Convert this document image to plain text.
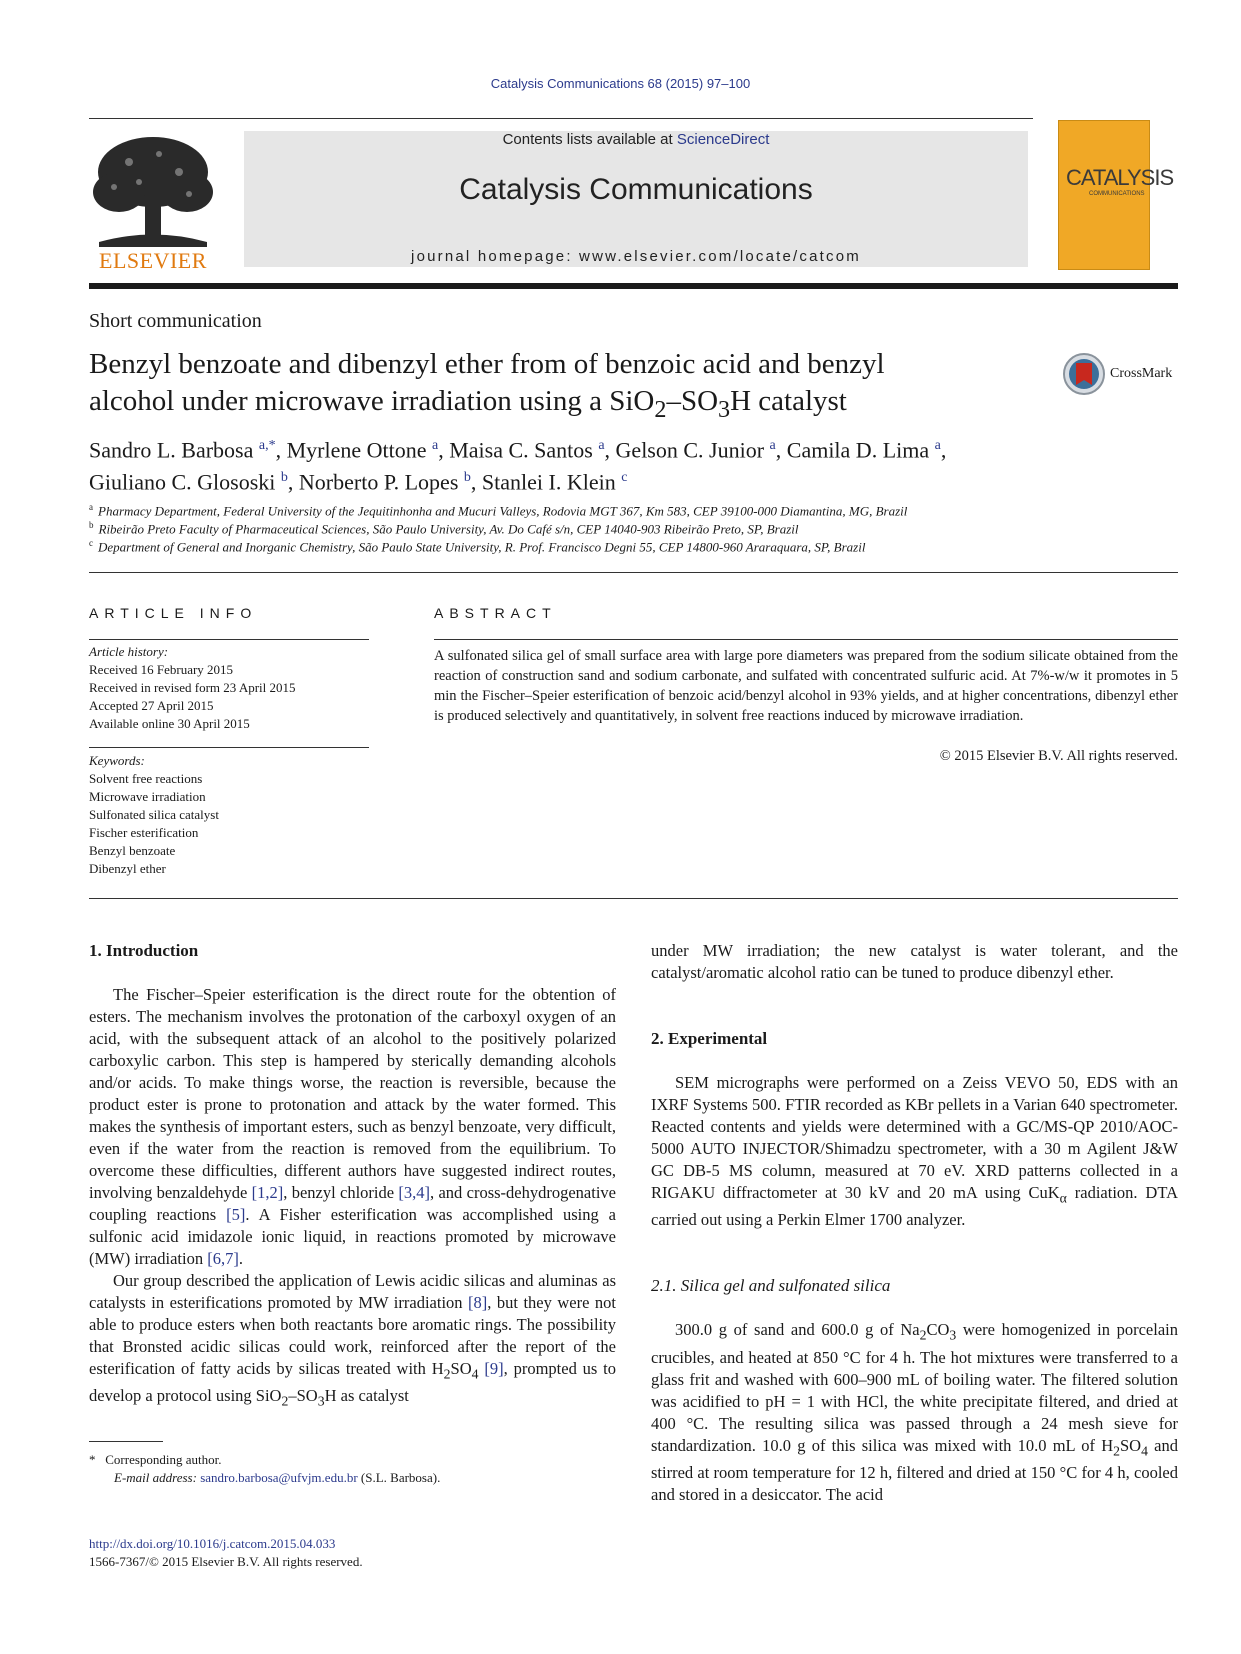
Catalysis Communications 68 (2015) 97–100
ELSEVIER
Contents lists available at ScienceDirect
Catalysis Communications
journal homepage: www.elsevier.com/locate/catcom
CATALYSIS
COMMUNICATIONS
Short communication
Benzyl benzoate and dibenzyl ether from of benzoic acid and benzyl
alcohol under microwave irradiation using a $SiO_2-SO_3H$ catalyst
CrossMark
Sandro L. Barbosa $^{a,*}$, Myrlene Ottone $^a$, Maisa C. Santos $^a$, Gelson C. Junior $^a$, Camila D. Lima $^a$,
Giuliano C. Glososki $^b$, Norberto P. Lopes $^b$, Stanlei I. Klein $^c$
$^a$ Pharmacy Department, Federal University of the Jequitinhonha and Mucuri Valleys, Rodovia MGT 367, Km 583, CEP 39100-000 Diamantina, MG, Brazil
$^b$ Ribeirão Preto Faculty of Pharmaceutical Sciences, São Paulo University, Av. Do Café s/n, CEP 14040-903 Ribeirão Preto, SP, Brazil
$^c$ Department of General and Inorganic Chemistry, São Paulo State University, R. Prof. Francisco Degni 55, CEP 14800-960 Araraquara, SP, Brazil
ARTICLE INFO
Article history:
Received 16 February 2015
Received in revised form 23 April 2015
Accepted 27 April 2015
Available online 30 April 2015
Keywords:
Solvent free reactions
Microwave irradiation
Sulfonated silica catalyst
Fischer esterification
Benzyl benzoate
Dibenzyl ether
ABSTRACT
A sulfonated silica gel of small surface area with large pore diameters was prepared from the sodium silicate obtained from the reaction of construction sand and sodium carbonate, and sulfated with concentrated sulfuric acid. At 7%-w/w it promotes in 5 min the Fischer–Speier esterification of benzoic acid/benzyl alcohol in 93% yields, and at higher concentrations, dibenzyl ether is produced selectively and quantitatively, in solvent free reactions induced by microwave irradiation.
© 2015 Elsevier B.V. All rights reserved.
1. Introduction

The Fischer–Speier esterification is the direct route for the obtention of esters. The mechanism involves the protonation of the carboxyl oxygen of an acid, with the subsequent attack of an alcohol to the positively polarized carboxylic carbon. This step is hampered by sterically demanding alcohols and/or acids. To make things worse, the reaction is reversible, because the product ester is prone to protonation and attack by the water formed. This makes the synthesis of important esters, such as benzyl benzoate, very difficult, even if the water from the reaction is removed from the equilibrium. To overcome these difficulties, different authors have suggested indirect routes, involving benzaldehyde [1,2], benzyl chloride [3,4], and cross-dehydrogenative coupling reactions [5]. A Fisher esterification was accomplished using a sulfonic acid imidazole ionic liquid, in reactions promoted by microwave (MW) irradiation [6,7].

Our group described the application of Lewis acidic silicas and aluminas as catalysts in esterifications promoted by MW irradiation [8], but they were not able to produce esters when both reactants bore aromatic rings. The possibility that Bronsted acidic silicas could work, reinforced after the report of the esterification of fatty acids by silicas treated with $H_2SO_4$ [9], prompted us to develop a protocol using $SiO_2-SO_3H$ as catalyst

under MW irradiation; the new catalyst is water tolerant, and the catalyst/aromatic alcohol ratio can be tuned to produce dibenzyl ether.

2. Experimental

SEM micrographs were performed on a Zeiss VEVO 50, EDS with an IXRF Systems 500. FTIR recorded as KBr pellets in a Varian 640 spectrometer. Reacted contents and yields were determined with a GC/MS-QP 2010/AOC-5000 AUTO INJECTOR/Shimadzu spectrometer, with a 30 m Agilent J&W GC DB-5 MS column, measured at 70 eV. XRD patterns collected in a RIGAKU diffractometer at 30 kV and 20 mA using CuK$_\alpha$ radiation. DTA carried out using a Perkin Elmer 1700 analyzer.

2.1. Silica gel and sulfonated silica

300.0 g of sand and 600.0 g of $Na_2CO_3$ were homogenized in porcelain crucibles, and heated at 850 °C for 4 h. The hot mixtures were transferred to a glass frit and washed with 600–900 mL of boiling water. The filtered solution was acidified to pH = 1 with HCl, the white precipitate filtered, and dried at 400 °C. The resulting silica was passed through a 24 mesh sieve for standardization. 10.0 g of this silica was mixed with 10.0 mL of $H_2SO_4$ and stirred at room temperature for 12 h, filtered and dried at 150 °C for 4 h, cooled and stored in a desiccator. The acid

* Corresponding author.
E-mail address: sandro.barbosa@ufvjm.edu.br (S.L. Barbosa).
http://dx.doi.org/10.1016/j.catcom.2015.04.033
1566-7367/© 2015 Elsevier B.V. All rights reserved.
